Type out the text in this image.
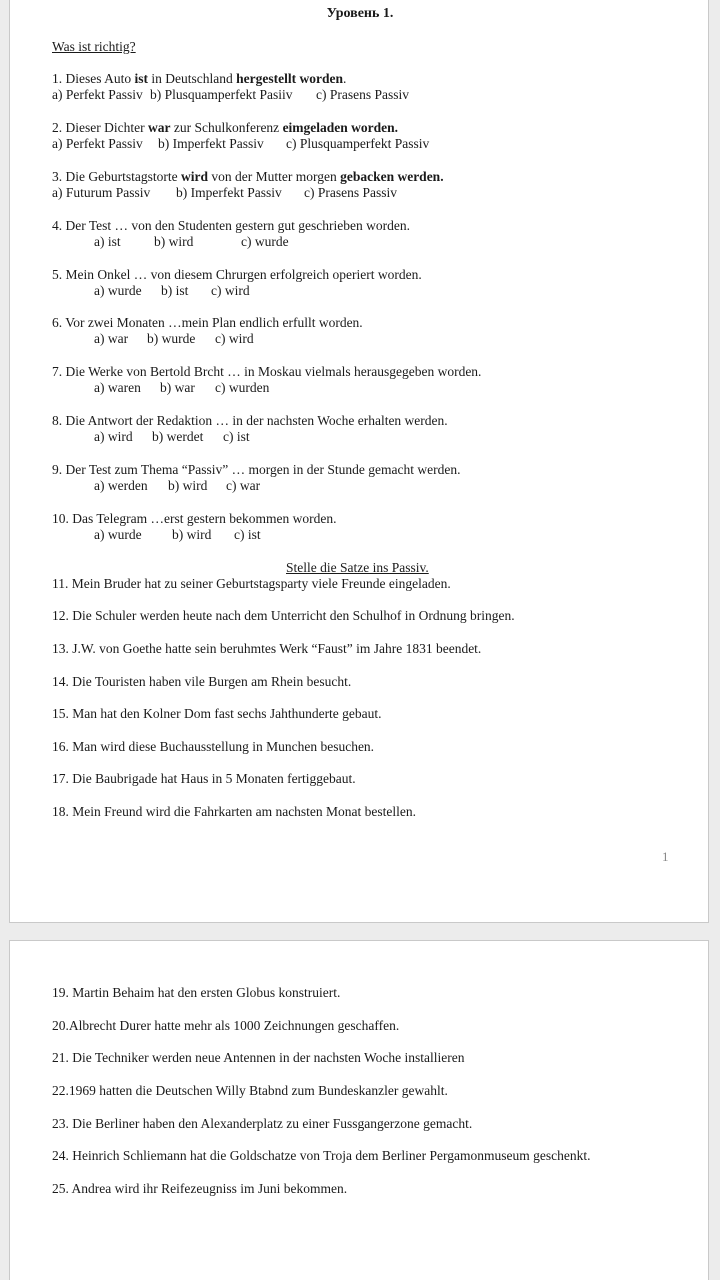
Уровень 1.
Was ist richtig?
1. Dieses Auto ist in Deutschland hergestellt worden.
a) Perfekt Passiv b) Plusquamperfekt Pasiiv c) Prasens Passiv
2. Dieser Dichter war zur Schulkonferenz eimgeladen worden.
a) Perfekt Passiv b) Imperfekt Passiv c) Plusquamperfekt Passiv
3. Die Geburtstagstorte wird von der Mutter morgen gebacken werden.
a) Futurum Passiv b) Imperfekt Passiv c) Prasens Passiv
4. Der Test … von den Studenten gestern gut geschrieben worden.
a) ist b) wird	c) wurde
5. Mein Onkel … von diesem Chrurgen erfolgreich operiert worden.
a) wurde b) ist c) wird
6. Vor zwei Monaten …mein Plan endlich erfullt worden.
a) war b) wurde c) wird
7. Die Werke von Bertold Brcht … in Moskau vielmals herausgegeben worden.
a) waren b) war c) wurden
8. Die Antwort der Redaktion … in der nachsten Woche erhalten werden.
a) wird b) werdet c) ist
9. Der Test zum Thema “Passiv” … morgen in der Stunde gemacht werden.
a) werden b) wird c) war
10. Das Telegram …erst gestern bekommen worden.
a) wurde b) wird c) ist
Stelle die Satze ins Passiv.
11. Mein Bruder hat zu seiner Geburtstagsparty viele Freunde eingeladen.
12. Die Schuler werden heute nach dem Unterricht den Schulhof in Ordnung bringen.
13. J.W. von Goethe hatte sein beruhmtes Werk “Faust” im Jahre 1831 beendet.
14. Die Touristen haben vile Burgen am Rhein besucht.
15. Man hat den Kolner Dom fast sechs Jahthunderte gebaut.
16. Man wird diese Buchausstellung in Munchen besuchen.
17. Die Baubrigade hat Haus in 5 Monaten fertiggebaut.
18. Mein Freund wird die Fahrkarten am nachsten Monat bestellen.
1
19. Martin Behaim hat den ersten Globus konstruiert.
20.Albrecht Durer hatte mehr als 1000 Zeichnungen geschaffen.
21. Die Techniker werden neue Antennen in der nachsten Woche installieren
22.1969 hatten die Deutschen Willy Btabnd zum Bundeskanzler gewahlt.
23. Die Berliner haben den Alexanderplatz zu einer Fussgangerzone gemacht.
24. Heinrich Schliemann hat die Goldschatze von Troja dem Berliner Pergamonmuseum geschenkt.
25. Andrea wird ihr Reifezeugniss im Juni bekommen.
